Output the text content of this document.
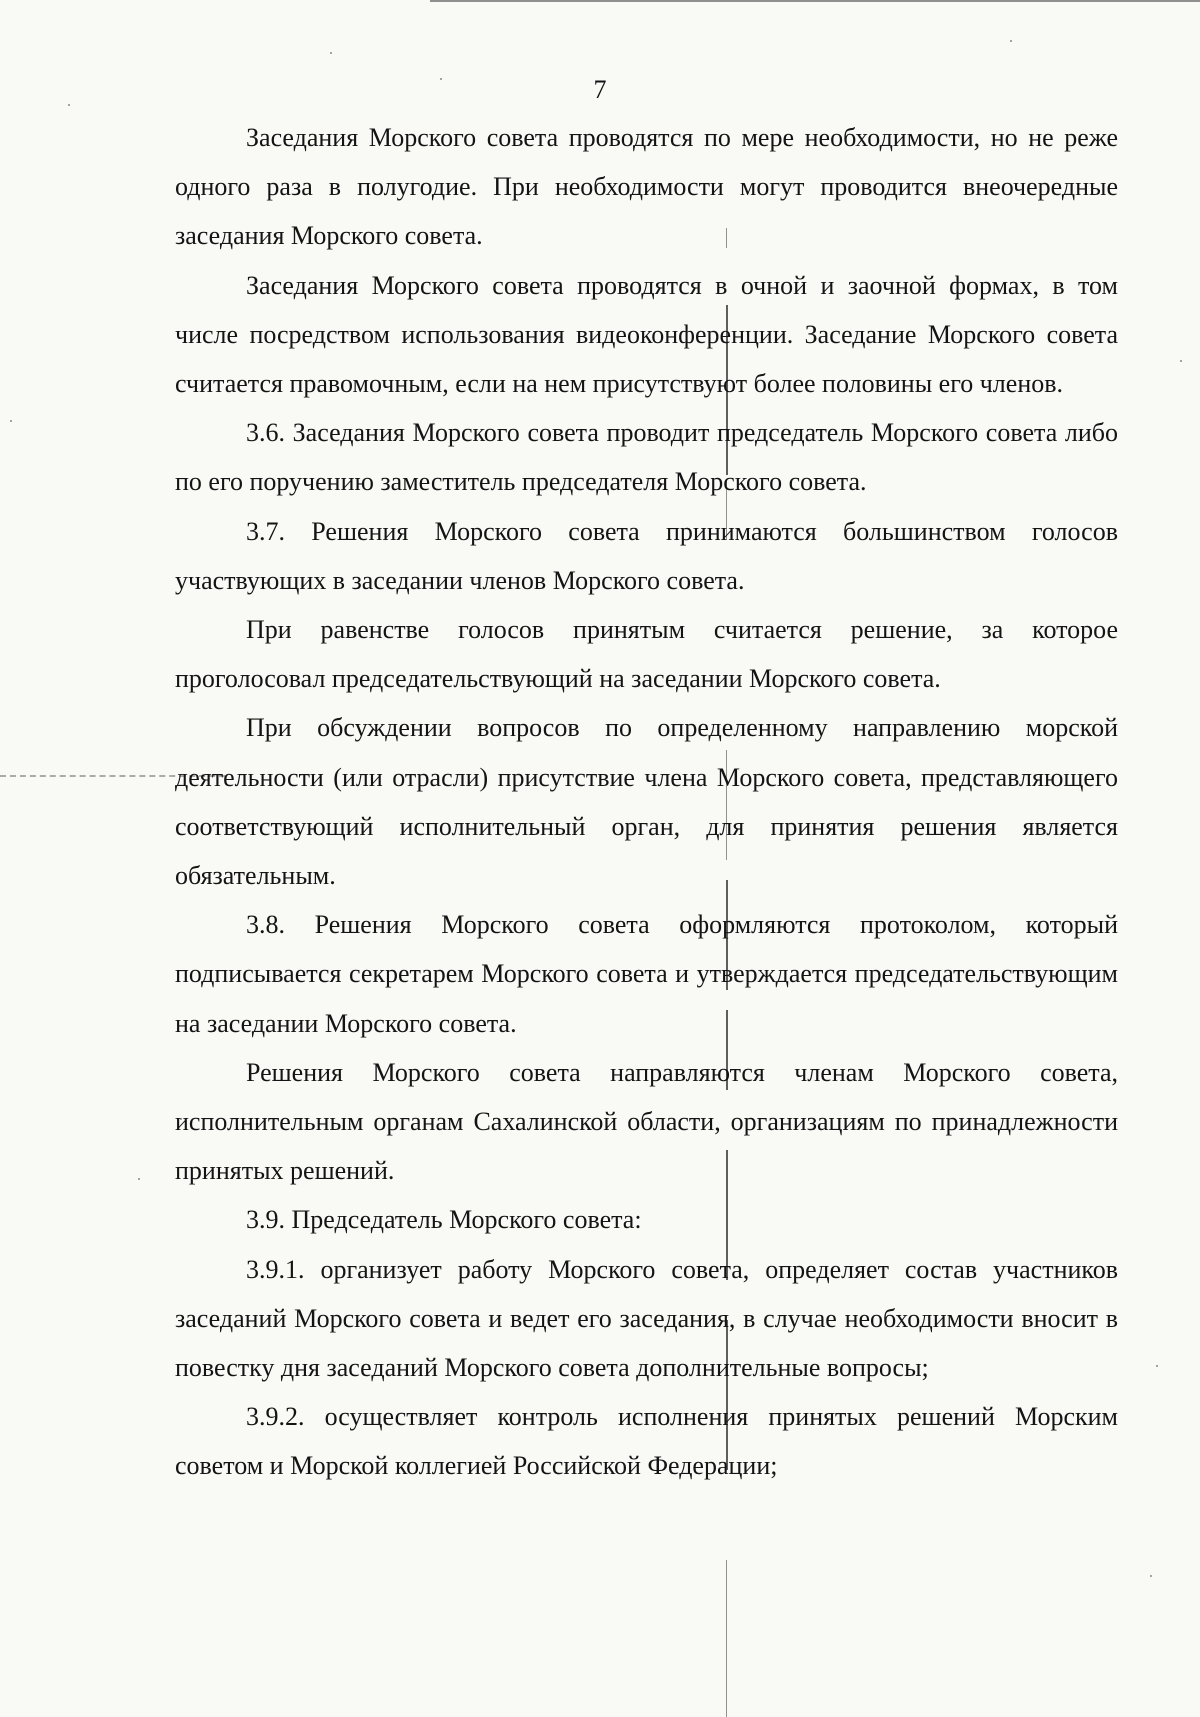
7

Заседания Морского совета проводятся по мере необходимости, но не реже одного раза в полугодие. При необходимости могут проводится внеочередные заседания Морского совета.

Заседания Морского совета проводятся в очной и заочной формах, в том числе посредством использования видеоконференции. Заседание Морского совета считается правомочным, если на нем присутствуют более половины его членов.

3.6. Заседания Морского совета проводит председатель Морского совета либо по его поручению заместитель председателя Морского совета.

3.7. Решения Морского совета принимаются большинством голосов участвующих в заседании членов Морского совета.

При равенстве голосов принятым считается решение, за которое проголосовал председательствующий на заседании Морского совета.

При обсуждении вопросов по определенному направлению морской деятельности (или отрасли) присутствие члена Морского совета, представляющего соответствующий исполнительный орган, для принятия решения является обязательным.

3.8. Решения Морского совета оформляются протоколом, который подписывается секретарем Морского совета и утверждается председательствующим на заседании Морского совета.

Решения Морского совета направляются членам Морского совета, исполнительным органам Сахалинской области, организациям по принадлежности принятых решений.

3.9. Председатель Морского совета:

3.9.1. организует работу Морского совета, определяет состав участников заседаний Морского совета и ведет его заседания, в случае необходимости вносит в повестку дня заседаний Морского совета дополнительные вопросы;

3.9.2. осуществляет контроль исполнения принятых решений Морским советом и Морской коллегией Российской Федерации;
